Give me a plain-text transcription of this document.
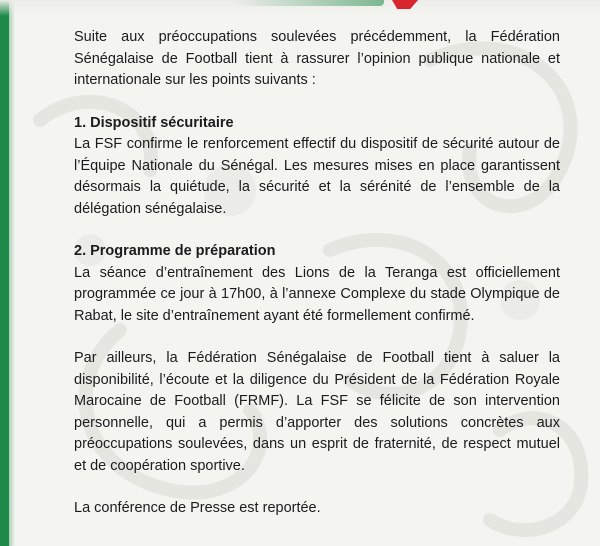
Suite aux préoccupations soulevées précédemment, la Fédération Sénégalaise de Football tient à rassurer l’opinion publique nationale et internationale sur les points suivants :

1. Dispositif sécuritaire

La FSF confirme le renforcement effectif du dispositif de sécurité autour de l’Équipe Nationale du Sénégal. Les mesures mises en place garantissent désormais la quiétude, la sécurité et la sérénité de l’ensemble de la délégation sénégalaise.

2. Programme de préparation

La séance d’entraînement des Lions de la Teranga est officiellement programmée ce jour à 17h00, à l’annexe Complexe du stade Olympique de Rabat, le site d’entraînement ayant été formellement confirmé.

Par ailleurs, la Fédération Sénégalaise de Football tient à saluer la disponibilité, l’écoute et la diligence du Président de la Fédération Royale Marocaine de Football (FRMF). La FSF se félicite de son intervention personnelle, qui a permis d’apporter des solutions concrètes aux préoccupations soulevées, dans un esprit de fraternité, de respect mutuel et de coopération sportive.

La conférence de Presse est reportée.
